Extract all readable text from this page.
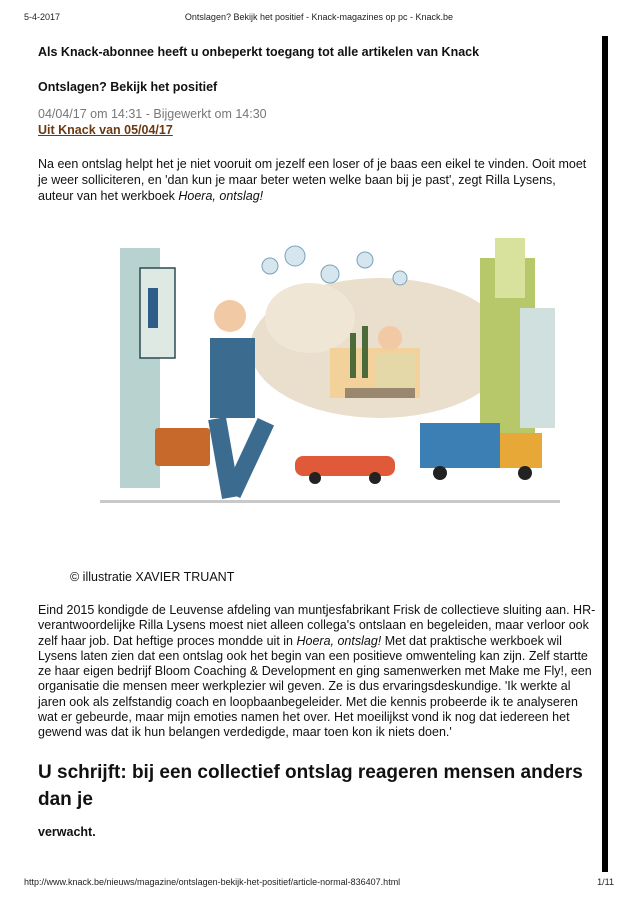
5-4-2017	Ontslagen? Bekijk het positief - Knack-magazines op pc - Knack.be
Als Knack-abonnee heeft u onbeperkt toegang tot alle artikelen van Knack
Ontslagen? Bekijk het positief
04/04/17 om 14:31 - Bijgewerkt om 14:30
Uit Knack van 05/04/17

Na een ontslag helpt het je niet vooruit om jezelf een loser of je baas een eikel te vinden. Ooit moet je weer solliciteren, en 'dan kun je maar beter weten welke baan bij je past', zegt Rilla Lysens, auteur van het werkboek Hoera, ontslag!

© illustratie XAVIER TRUANT

Eind 2015 kondigde de Leuvense afdeling van muntjesfabrikant Frisk de collectieve sluiting aan. HR-verantwoordelijke Rilla Lysens moest niet alleen collega's ontslaan en begeleiden, maar verloor ook zelf haar job. Dat heftige proces mondde uit in Hoera, ontslag! Met dat praktische werkboek wil Lysens laten zien dat een ontslag ook het begin van een positieve omwenteling kan zijn. Zelf startte ze haar eigen bedrijf Bloom Coaching & Development en ging samenwerken met Make me Fly!, een organisatie die mensen meer werkplezier wil geven. Ze is dus ervaringsdeskundige. 'Ik werkte al jaren ook als zelfstandig coach en loopbaanbegeleider. Met die kennis probeerde ik te analyseren wat er gebeurde, maar mijn emoties namen het over. Het moeilijkst vond ik nog dat iedereen het gewend was dat ik hun belangen verdedigde, maar toen kon ik niets doen.'

U schrijft: bij een collectief ontslag reageren mensen anders dan je
verwacht.
http://www.knack.be/nieuws/magazine/ontslagen-bekijk-het-positief/article-normal-836407.html	1/11
